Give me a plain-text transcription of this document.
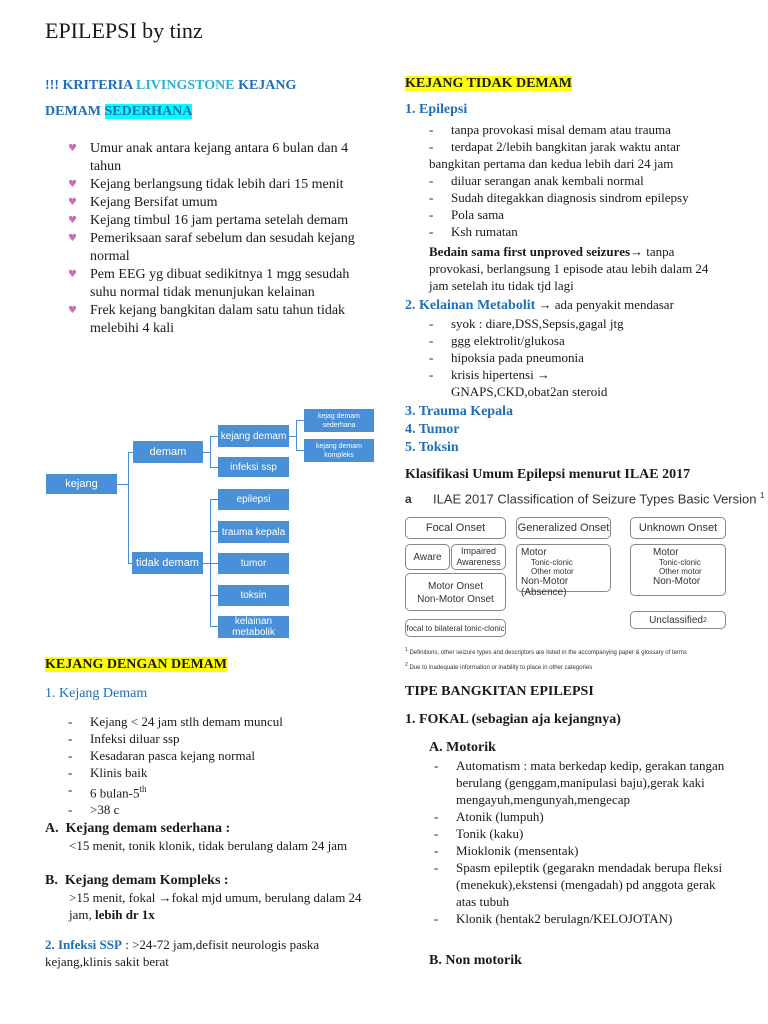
EPILEPSI by tinz
!!! KRITERIA LIVINGSTONE KEJANG
DEMAM SEDERHANA
♥ Umur anak antara kejang antara 6 bulan dan 4 tahun
♥ Kejang berlangsung tidak lebih dari 15 menit
♥ Kejang Bersifat umum
♥ Kejang timbul 16 jam pertama setelah demam
♥ Pemeriksaan saraf sebelum dan sesudah kejang normal
♥ Pem EEG yg dibuat sedikitnya 1 mgg sesudah suhu normal tidak menunjukan kelainan
♥ Frek kejang bangkitan dalam satu tahun tidak melebihi 4 kali
kejang
demam
tidak demam
kejang demam
infeksi ssp
kejag demam sederhana
kejang demam kompleks
epilepsi
trauma kepala
tumor
toksin
kelainan metabolik
KEJANG DENGAN DEMAM
1. Kejang Demam
- Kejang < 24 jam stlh demam muncul
- Infeksi diluar ssp
- Kesadaran pasca kejang normal
- Klinis baik
- 6 bulan-5th
- >38 c
A. Kejang demam sederhana :
<15 menit, tonik klonik, tidak berulang dalam 24 jam
B. Kejang demam Kompleks :
>15 menit, fokal →fokal mjd umum, berulang dalam 24 jam, lebih dr 1x
2. Infeksi SSP : >24-72 jam,defisit neurologis paska kejang,klinis sakit berat
KEJANG TIDAK DEMAM
1. Epilepsi
- tanpa provokasi misal demam atau trauma
- terdapat 2/lebih bangkitan jarak waktu antar
bangkitan pertama dan kedua lebih dari 24 jam
- diluar serangan anak kembali normal
- Sudah ditegakkan diagnosis sindrom epilepsy
- Pola sama
- Ksh rumatan
Bedain sama first unproved seizures→ tanpa provokasi, berlangsung 1 episode atau lebih dalam 24 jam setelah itu tidak tjd lagi
2. Kelainan Metabolit → ada penyakit mendasar
- syok : diare,DSS,Sepsis,gagal jtg
- ggg elektrolit/glukosa
- hipoksia pada pneumonia
- krisis hipertensi → GNAPS,CKD,obat2an steroid
3. Trauma Kepala
4. Tumor
5. Toksin
Klasifikasi Umum Epilepsi menurut ILAE 2017
a ILAE 2017 Classification of Seizure Types Basic Version $^1$
Focal Onset	Generalized Onset	Unknown Onset
Aware
Impaired Awareness
Motor Onset
Non-Motor Onset
Motor
Tonic-clonic
Other motor
Non-Motor (Absence)
Motor
Tonic-clonic
Other motor
Non-Motor
focal to bilateral tonic-clonic
Unclassified 2
$^1$ Definitions, other seizure types and descriptors are listed in the accompanying paper & glossary of terms
$^2$ Due to inadequate information or inability to place in other categories
TIPE BANGKITAN EPILEPSI
1. FOKAL (sebagian aja kejangnya)
A. Motorik
- Automatism : mata berkedap kedip, gerakan tangan berulang (genggam,manipulasi baju),gerak kaki mengayuh,mengunyah,mengecap
- Atonik (lumpuh)
- Tonik (kaku)
- Mioklonik (mensentak)
- Spasm epileptik (gegarakn mendadak berupa fleksi (menekuk),ekstensi (mengadah) pd anggota gerak atas tubuh
- Klonik (hentak2 berulagn/KELOJOTAN)
B. Non motorik
